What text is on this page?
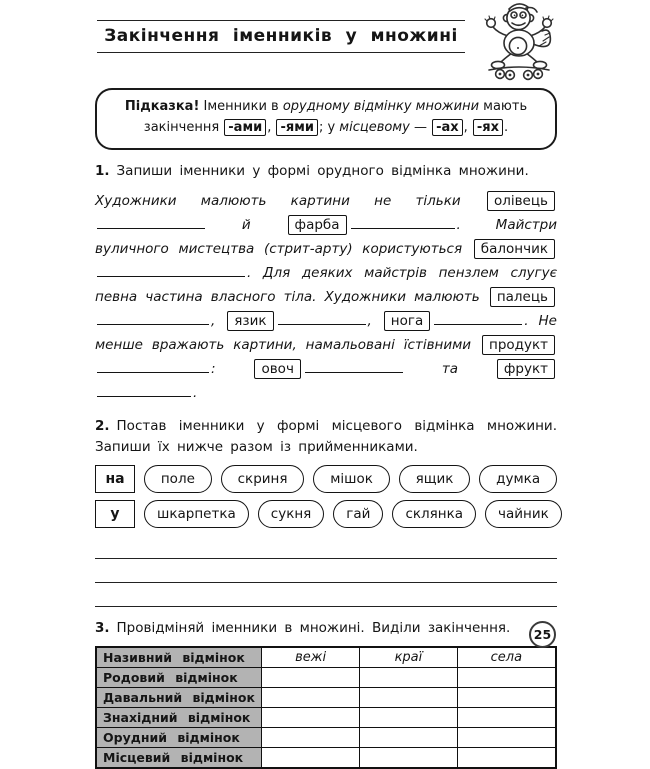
Закінчення іменників у множині
Підказка! Іменники в орудному відмінку множини мають закінчення -ами , -ями ; у місцевому — -ах , -ях .

1. Запиши іменники у формі орудного відмінка множини.

Художники малюють картини не тільки олівець й фарба	. Майстри вуличного мистецтва (стрит-арту) користуються балончик. Для деяких майстрів пензлем слугує певна частина власного тіла. Художники малюють палець, язик	, нога	. Не менше вражають картини, намальовані їстівними продукт: овоч	та фрукт.

2. Постав іменники у формі місцевого відмінка множини. Запиши їх нижче разом із прийменниками.

на	поле	скриня	мішок	ящик	думка
у	шкарпетка	сукня	гай	склянка	чайник

3. Провідміняй іменники в множині. Виділи закінчення.

Називний відмінок	вежі	краї	села
Родовий відмінок			
Давальний відмінок			
Знахідний відмінок			
Орудний відмінок			
Місцевий відмінок			
25
